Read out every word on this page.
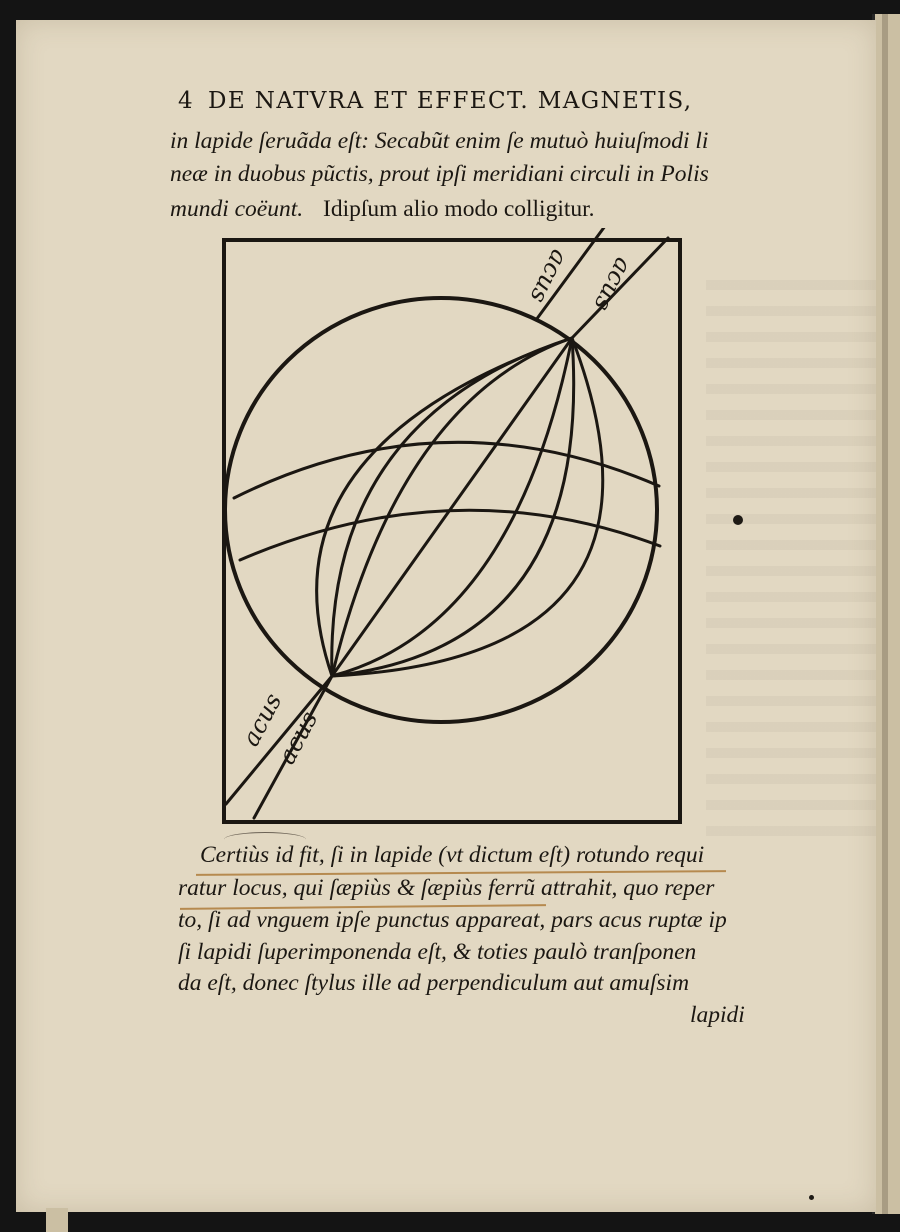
4 DE NATVRA ET EFFECT. MAGNETIS,

in lapide ſeruãda eſt: Secabũt enim ſe mutuò huiuſmodi li

neæ in duobus pũctis, prout ipſi meridiani circuli in Polis

mundi coëunt. Idipſum alio modo colligitur.

acus acus
acus
acus

Certiùs id fit, ſi in lapide (vt dictum eſt) rotundo requi

ratur locus, qui ſæpiùs & ſæpiùs ferrũ attrahit, quo reper

to, ſi ad vnguem ipſe punctus appareat, pars acus ruptæ ip

ſi lapidi ſuperimponenda eſt, & toties paulò tranſponen

da eſt, donec ſtylus ille ad perpendiculum aut amuſsim

lapidi
